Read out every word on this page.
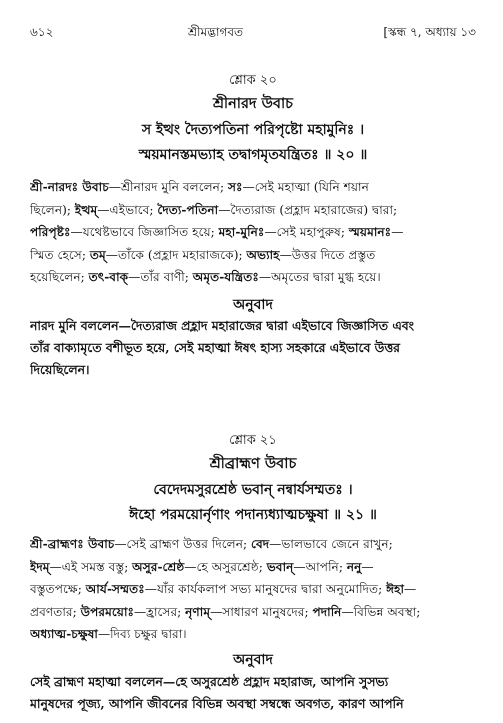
৬১২	শ্রীমদ্ভাগবত	[স্কন্ধ ৭, অধ্যায় ১৩
শ্লোক ২০
শ্রীনারদ উবাচ
স ইত্থং দৈত্যপতিনা পরিপৃষ্টো মহামুনিঃ ।
স্ময়মানস্তমভ্যাহ তদ্বাগমৃতযন্ত্রিতঃ ॥ ২০ ॥
শ্রী-নারদঃ উবাচ—শ্রীনারদ মুনি বললেন; সঃ—সেই মহাত্মা (যিনি শয়ান
ছিলেন); ইত্থম্—এইভাবে; দৈত্য-পতিনা—দৈত্যরাজ (প্রহ্লাদ মহারাজের) দ্বারা;
পরিপৃষ্টঃ—যথেষ্টভাবে জিজ্ঞাসিত হয়ে; মহা-মুনিঃ—সেই মহাপুরুষ; স্ময়মানঃ—
স্মিত হেসে; তম্—তাঁকে (প্রহ্লাদ মহারাজকে); অভ্যাহ—উত্তর দিতে প্রস্তুত
হয়েছিলেন; তৎ-বাক্—তাঁর বাণী; অমৃত-যন্ত্রিতঃ—অমৃতের দ্বারা মুগ্ধ হয়ে।
অনুবাদ
নারদ মুনি বললেন—দৈত্যরাজ প্রহ্লাদ মহারাজের দ্বারা এইভাবে জিজ্ঞাসিত এবং
তাঁর বাক্যামৃতে বশীভূত হয়ে, সেই মহাত্মা ঈষৎ হাস্য সহকারে এইভাবে উত্তর
দিয়েছিলেন।
শ্লোক ২১
শ্রীব্রাহ্মণ উবাচ
বেদেদমসুরশ্রেষ্ঠ ভবান্ নন্বার্যসম্মতঃ ।
ঈহো পরময়োর্নৃণাং পদান্যধ্যাত্মচক্ষুষা ॥ ২১ ॥
শ্রী-ব্রাহ্মণঃ উবাচ—সেই ব্রাহ্মণ উত্তর দিলেন; বেদ—ভালভাবে জেনে রাখুন;
ইদম্—এই সমস্ত বস্তু; অসুর-শ্রেষ্ঠ—হে অসুরশ্রেষ্ঠ; ভবান্—আপনি; ননু—
বস্তুতপক্ষে; আর্য-সম্মতঃ—যাঁর কার্যকলাপ সভ্য মানুষদের দ্বারা অনুমোদিত; ঈহা—
প্রবণতার; উপরময়োঃ—হ্রাসের; নৃণাম্—সাধারণ মানুষদের; পদানি—বিভিন্ন অবস্থা;
অধ্যাত্ম-চক্ষুষা—দিব্য চক্ষুর দ্বারা।
অনুবাদ
সেই ব্রাহ্মণ মহাত্মা বললেন—হে অসুরশ্রেষ্ঠ প্রহ্লাদ মহারাজ, আপনি সুসভ্য
মানুষদের পূজ্য, আপনি জীবনের বিভিন্ন অবস্থা সম্বন্ধে অবগত, কারণ আপনি
